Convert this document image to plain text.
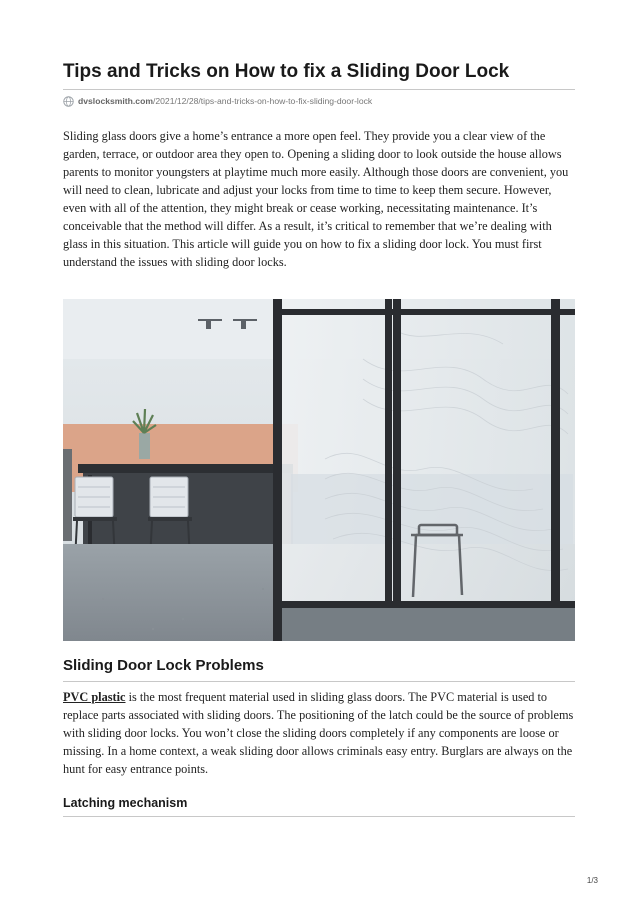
Tips and Tricks on How to fix a Sliding Door Lock
dvslocksmith.com /2021/12/28/tips-and-tricks-on-how-to-fix-sliding-door-lock

Sliding glass doors give a home’s entrance a more open feel. They provide you a clear view of the garden, terrace, or outdoor area they open to. Opening a sliding door to look outside the house allows parents to monitor youngsters at playtime much more easily. Although those doors are convenient, you will need to clean, lubricate and adjust your locks from time to time to keep them secure. However, even with all of the attention, they might break or cease working, necessitating maintenance. It’s conceivable that the method will differ. As a result, it’s critical to remember that we’re dealing with glass in this situation. This article will guide you on how to fix a sliding door lock. You must first understand the issues with sliding door locks.

Sliding Door Lock Problems

PVC plastic is the most frequent material used in sliding glass doors. The PVC material is used to replace parts associated with sliding doors. The positioning of the latch could be the source of problems with sliding door locks. You won’t close the sliding doors completely if any components are loose or missing. In a home context, a weak sliding door allows criminals easy entry. Burglars are always on the hunt for easy entrance points.

Latching mechanism
1/3
